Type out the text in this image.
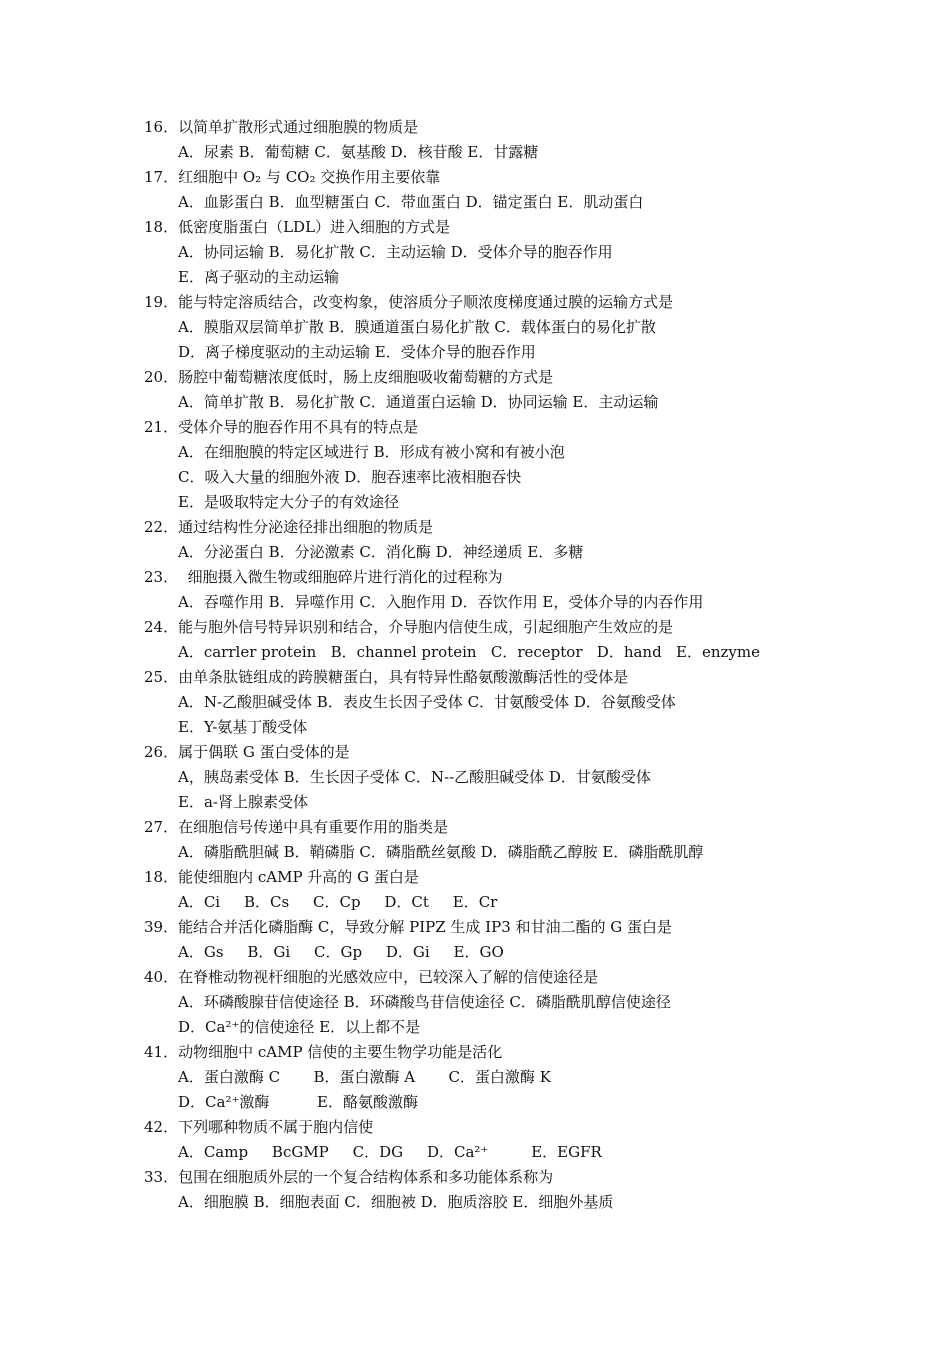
16．以简单扩散形式通过细胞膜的物质是
A．尿素 B．葡萄糖 C．氨基酸 D．核苷酸 E．甘露糖
17．红细胞中 O₂ 与 CO₂ 交换作用主要依靠
A．血影蛋白 B．血型糖蛋白 C．带血蛋白 D．锚定蛋白 E．肌动蛋白
18．低密度脂蛋白（LDL）进入细胞的方式是
A．协同运输 B．易化扩散 C．主动运输 D．受体介导的胞吞作用
E．离子驱动的主动运输
19．能与特定溶质结合，改变构象，使溶质分子顺浓度梯度通过膜的运输方式是
A．膜脂双层简单扩散 B．膜通道蛋白易化扩散 C．载体蛋白的易化扩散
D．离子梯度驱动的主动运输 E．受体介导的胞吞作用
20．肠腔中葡萄糖浓度低时，肠上皮细胞吸收葡萄糖的方式是
A．简单扩散 B．易化扩散 C．通道蛋白运输 D．协同运输 E．主动运输
21．受体介导的胞吞作用不具有的特点是
A．在细胞膜的特定区域进行 B．形成有被小窝和有被小泡
C．吸入大量的细胞外液 D．胞吞速率比液相胞吞快
E．是吸取特定大分子的有效途径
22．通过结构性分泌途径排出细胞的物质是
A．分泌蛋白 B．分泌激素 C．消化酶 D．神经递质 E．多糖
23．  细胞摄入微生物或细胞碎片进行消化的过程称为
A．吞噬作用 B．异噬作用 C．入胞作用 D．吞饮作用 E，受体介导的内吞作用
24．能与胞外信号特异识别和结合，介导胞内信使生成，引起细胞产生效应的是
A．carrler protein   B．channel protein   C．receptor   D．hand   E．enzyme
25．由单条肽链组成的跨膜糖蛋白，具有特异性酪氨酸激酶活性的受体是
A．N-乙酸胆碱受体 B．表皮生长因子受体 C．甘氨酸受体 D．谷氨酸受体
E．Y-氨基丁酸受体
26．属于偶联 G 蛋白受体的是
A，胰岛素受体 B．生长因子受体 C．N--乙酸胆碱受体 D．甘氨酸受体
E．a-肾上腺素受体
27．在细胞信号传递中具有重要作用的脂类是
A．磷脂酰胆碱 B．鞘磷脂 C．磷脂酰丝氨酸 D．磷脂酰乙醇胺 E．磷脂酰肌醇
18．能使细胞内 cAMP 升高的 G 蛋白是
A．Ci     B．Cs     C．Cp     D．Ct     E．Cr
39．能结合并活化磷脂酶 C，导致分解 PIPZ 生成 IP3 和甘油二酯的 G 蛋白是
A．Gs     B．Gi     C．Gp     D．Gi     E．GO
40．在脊椎动物视杆细胞的光感效应中，已较深入了解的信使途径是
A．环磷酸腺苷信使途径 B．环磷酸鸟苷信使途径 C．磷脂酰肌醇信使途径
D．Ca²⁺的信使途径 E．以上都不是
41．动物细胞中 cAMP 信使的主要生物学功能是活化
A．蛋白激酶 C       B．蛋白激酶 A       C．蛋白激酶 K
D．Ca²⁺激酶          E．酪氨酸激酶
42．下列哪种物质不属于胞内信使
A．Camp     BcGMP     C．DG     D．Ca²⁺         E．EGFR
33．包围在细胞质外层的一个复合结构体系和多功能体系称为
A．细胞膜 B．细胞表面 C．细胞被 D．胞质溶胶 E．细胞外基质
